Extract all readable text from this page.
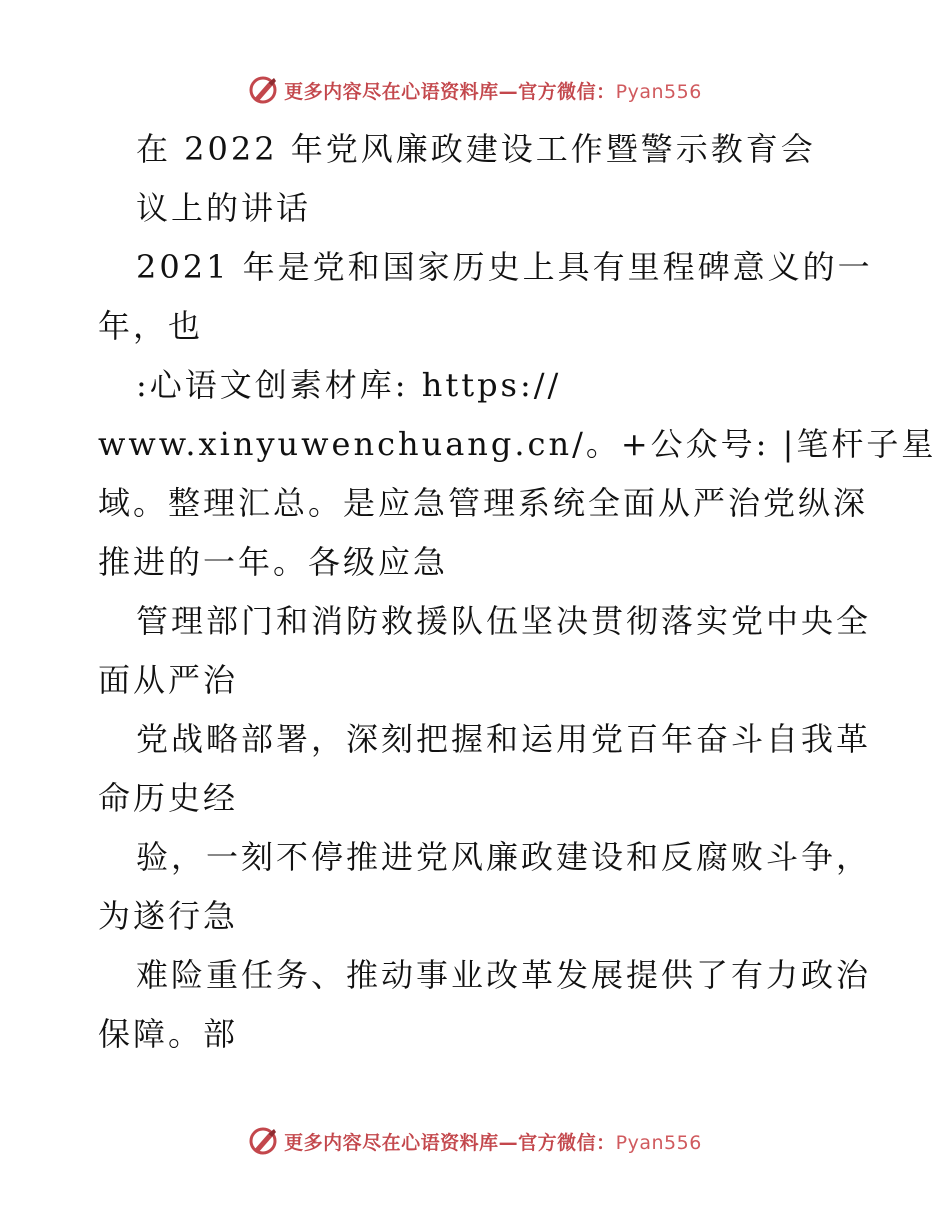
更多内容尽在心语资料库—官方微信：Pyan556
在 2022 年党风廉政建设工作暨警示教育会
议上的讲话
2021 年是党和国家历史上具有里程碑意义的一
年，也
:心语文创素材库: https://
www.xinyuwenchuang.cn/。+公众号: |笔杆子星
域。整理汇总。是应急管理系统全面从严治党纵深
推进的一年。各级应急
管理部门和消防救援队伍坚决贯彻落实党中央全
面从严治
党战略部署，深刻把握和运用党百年奋斗自我革
命历史经
验，一刻不停推进党风廉政建设和反腐败斗争，
为遂行急
难险重任务、推动事业改革发展提供了有力政治
保障。部
更多内容尽在心语资料库—官方微信：Pyan556
